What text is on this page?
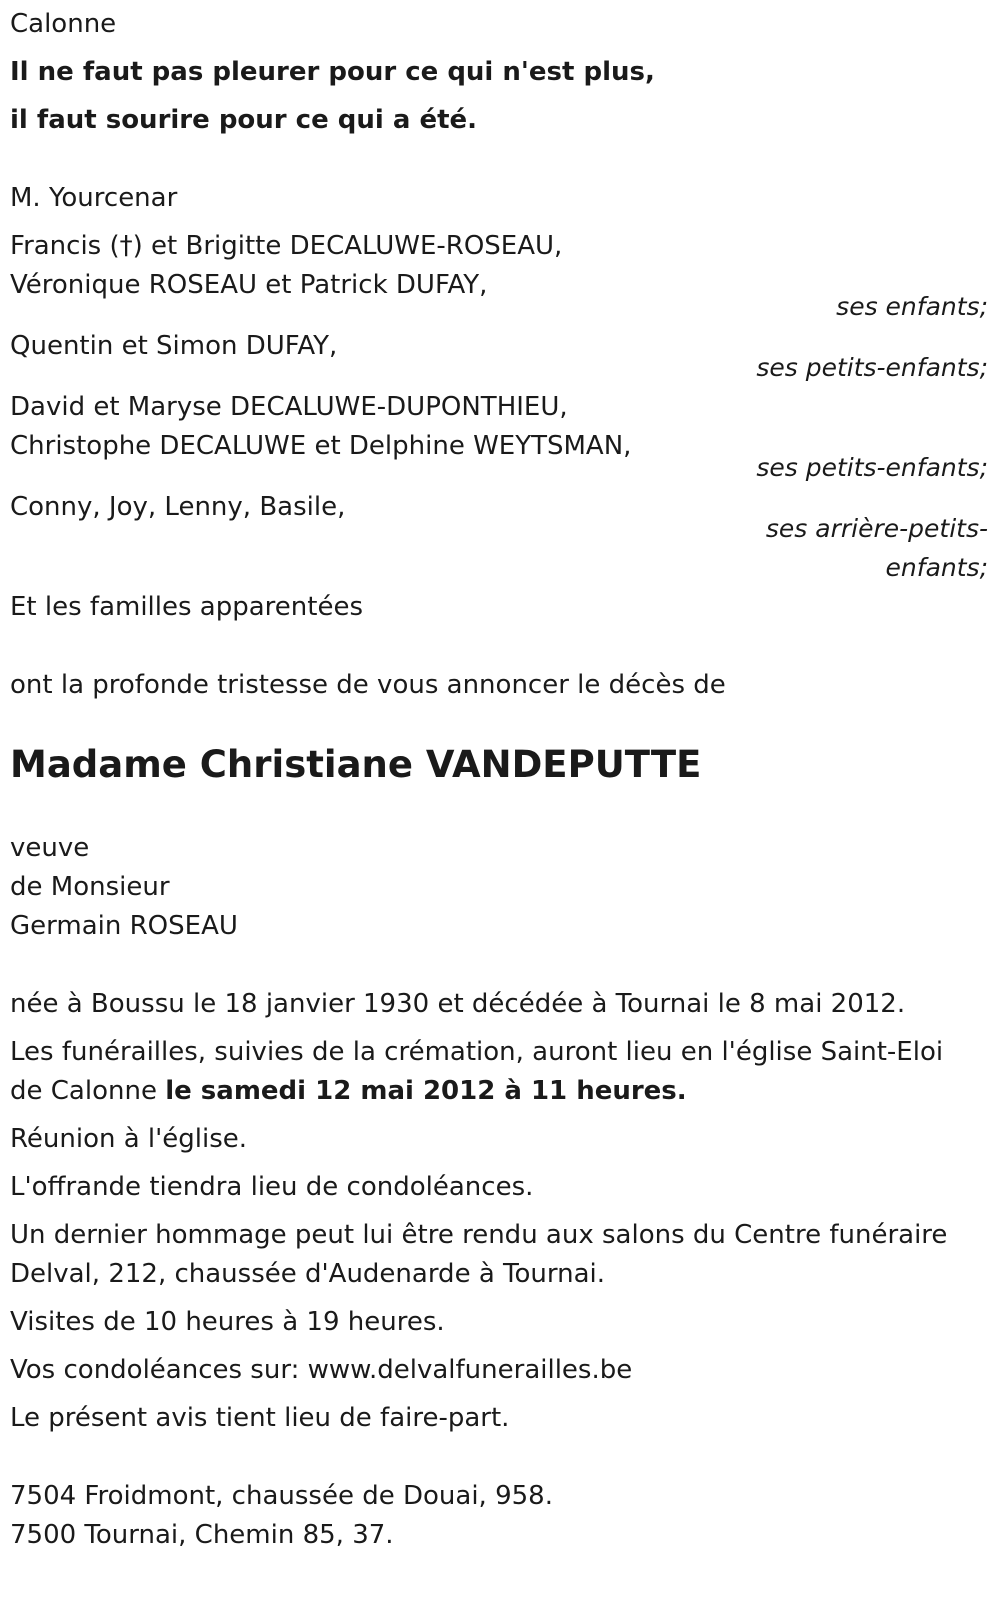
Calonne
Il ne faut pas pleurer pour ce qui n'est plus,
il faut sourire pour ce qui a été.
M. Yourcenar
Francis (†) et Brigitte DECALUWE-ROSEAU,
Véronique ROSEAU et Patrick DUFAY,
ses enfants;
Quentin et Simon DUFAY,
ses petits-enfants;
David et Maryse DECALUWE-DUPONTHIEU,
Christophe DECALUWE et Delphine WEYTSMAN,
ses petits-enfants;
Conny, Joy, Lenny, Basile,
ses arrière-petits-
enfants;
Et les familles apparentées
ont la profonde tristesse de vous annoncer le décès de
Madame Christiane VANDEPUTTE
veuve
de Monsieur
Germain ROSEAU
née à Boussu le 18 janvier 1930 et décédée à Tournai le 8 mai 2012.
Les funérailles, suivies de la crémation, auront lieu en l'église Saint-Eloi
de Calonne le samedi 12 mai 2012 à 11 heures.
Réunion à l'église.
L'offrande tiendra lieu de condoléances.
Un dernier hommage peut lui être rendu aux salons du Centre funéraire
Delval, 212, chaussée d'Audenarde à Tournai.
Visites de 10 heures à 19 heures.
Vos condoléances sur: www.delvalfunerailles.be
Le présent avis tient lieu de faire-part.
7504 Froidmont, chaussée de Douai, 958.
7500 Tournai, Chemin 85, 37.
